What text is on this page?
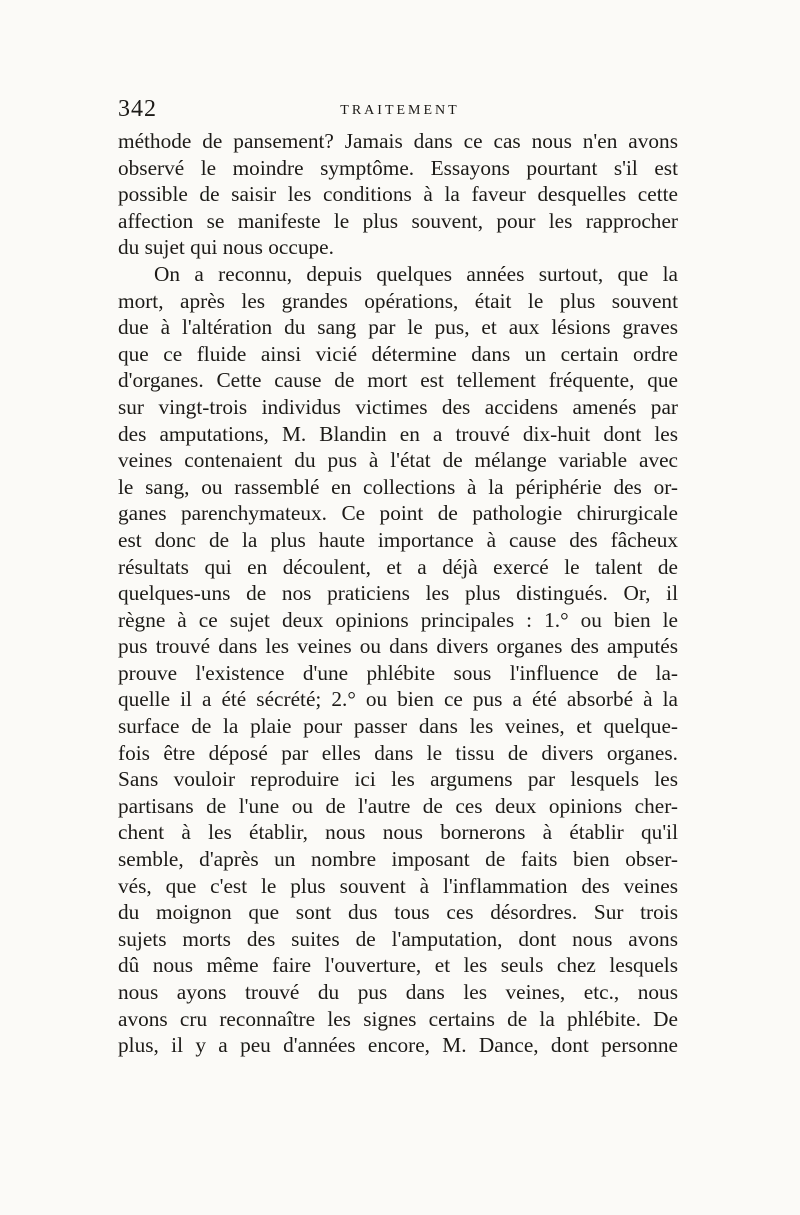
342	TRAITEMENT
méthode de pansement? Jamais dans ce cas nous n'en avons
observé le moindre symptôme. Essayons pourtant s'il est
possible de saisir les conditions à la faveur desquelles cette
affection se manifeste le plus souvent, pour les rapprocher
du sujet qui nous occupe.
On a reconnu, depuis quelques années surtout, que la
mort, après les grandes opérations, était le plus souvent
due à l'altération du sang par le pus, et aux lésions graves
que ce fluide ainsi vicié détermine dans un certain ordre
d'organes. Cette cause de mort est tellement fréquente, que
sur vingt-trois individus victimes des accidens amenés par
des amputations, M. Blandin en a trouvé dix-huit dont les
veines contenaient du pus à l'état de mélange variable avec
le sang, ou rassemblé en collections à la périphérie des or-
ganes parenchymateux. Ce point de pathologie chirurgicale
est donc de la plus haute importance à cause des fâcheux
résultats qui en découlent, et a déjà exercé le talent de
quelques-uns de nos praticiens les plus distingués. Or, il
règne à ce sujet deux opinions principales : 1.° ou bien le
pus trouvé dans les veines ou dans divers organes des amputés
prouve l'existence d'une phlébite sous l'influence de la-
quelle il a été sécrété; 2.° ou bien ce pus a été absorbé à la
surface de la plaie pour passer dans les veines, et quelque-
fois être déposé par elles dans le tissu de divers organes.
Sans vouloir reproduire ici les argumens par lesquels les
partisans de l'une ou de l'autre de ces deux opinions cher-
chent à les établir, nous nous bornerons à établir qu'il
semble, d'après un nombre imposant de faits bien obser-
vés, que c'est le plus souvent à l'inflammation des veines
du moignon que sont dus tous ces désordres. Sur trois
sujets morts des suites de l'amputation, dont nous avons
dû nous même faire l'ouverture, et les seuls chez lesquels
nous ayons trouvé du pus dans les veines, etc., nous
avons cru reconnaître les signes certains de la phlébite. De
plus, il y a peu d'années encore, M. Dance, dont personne
